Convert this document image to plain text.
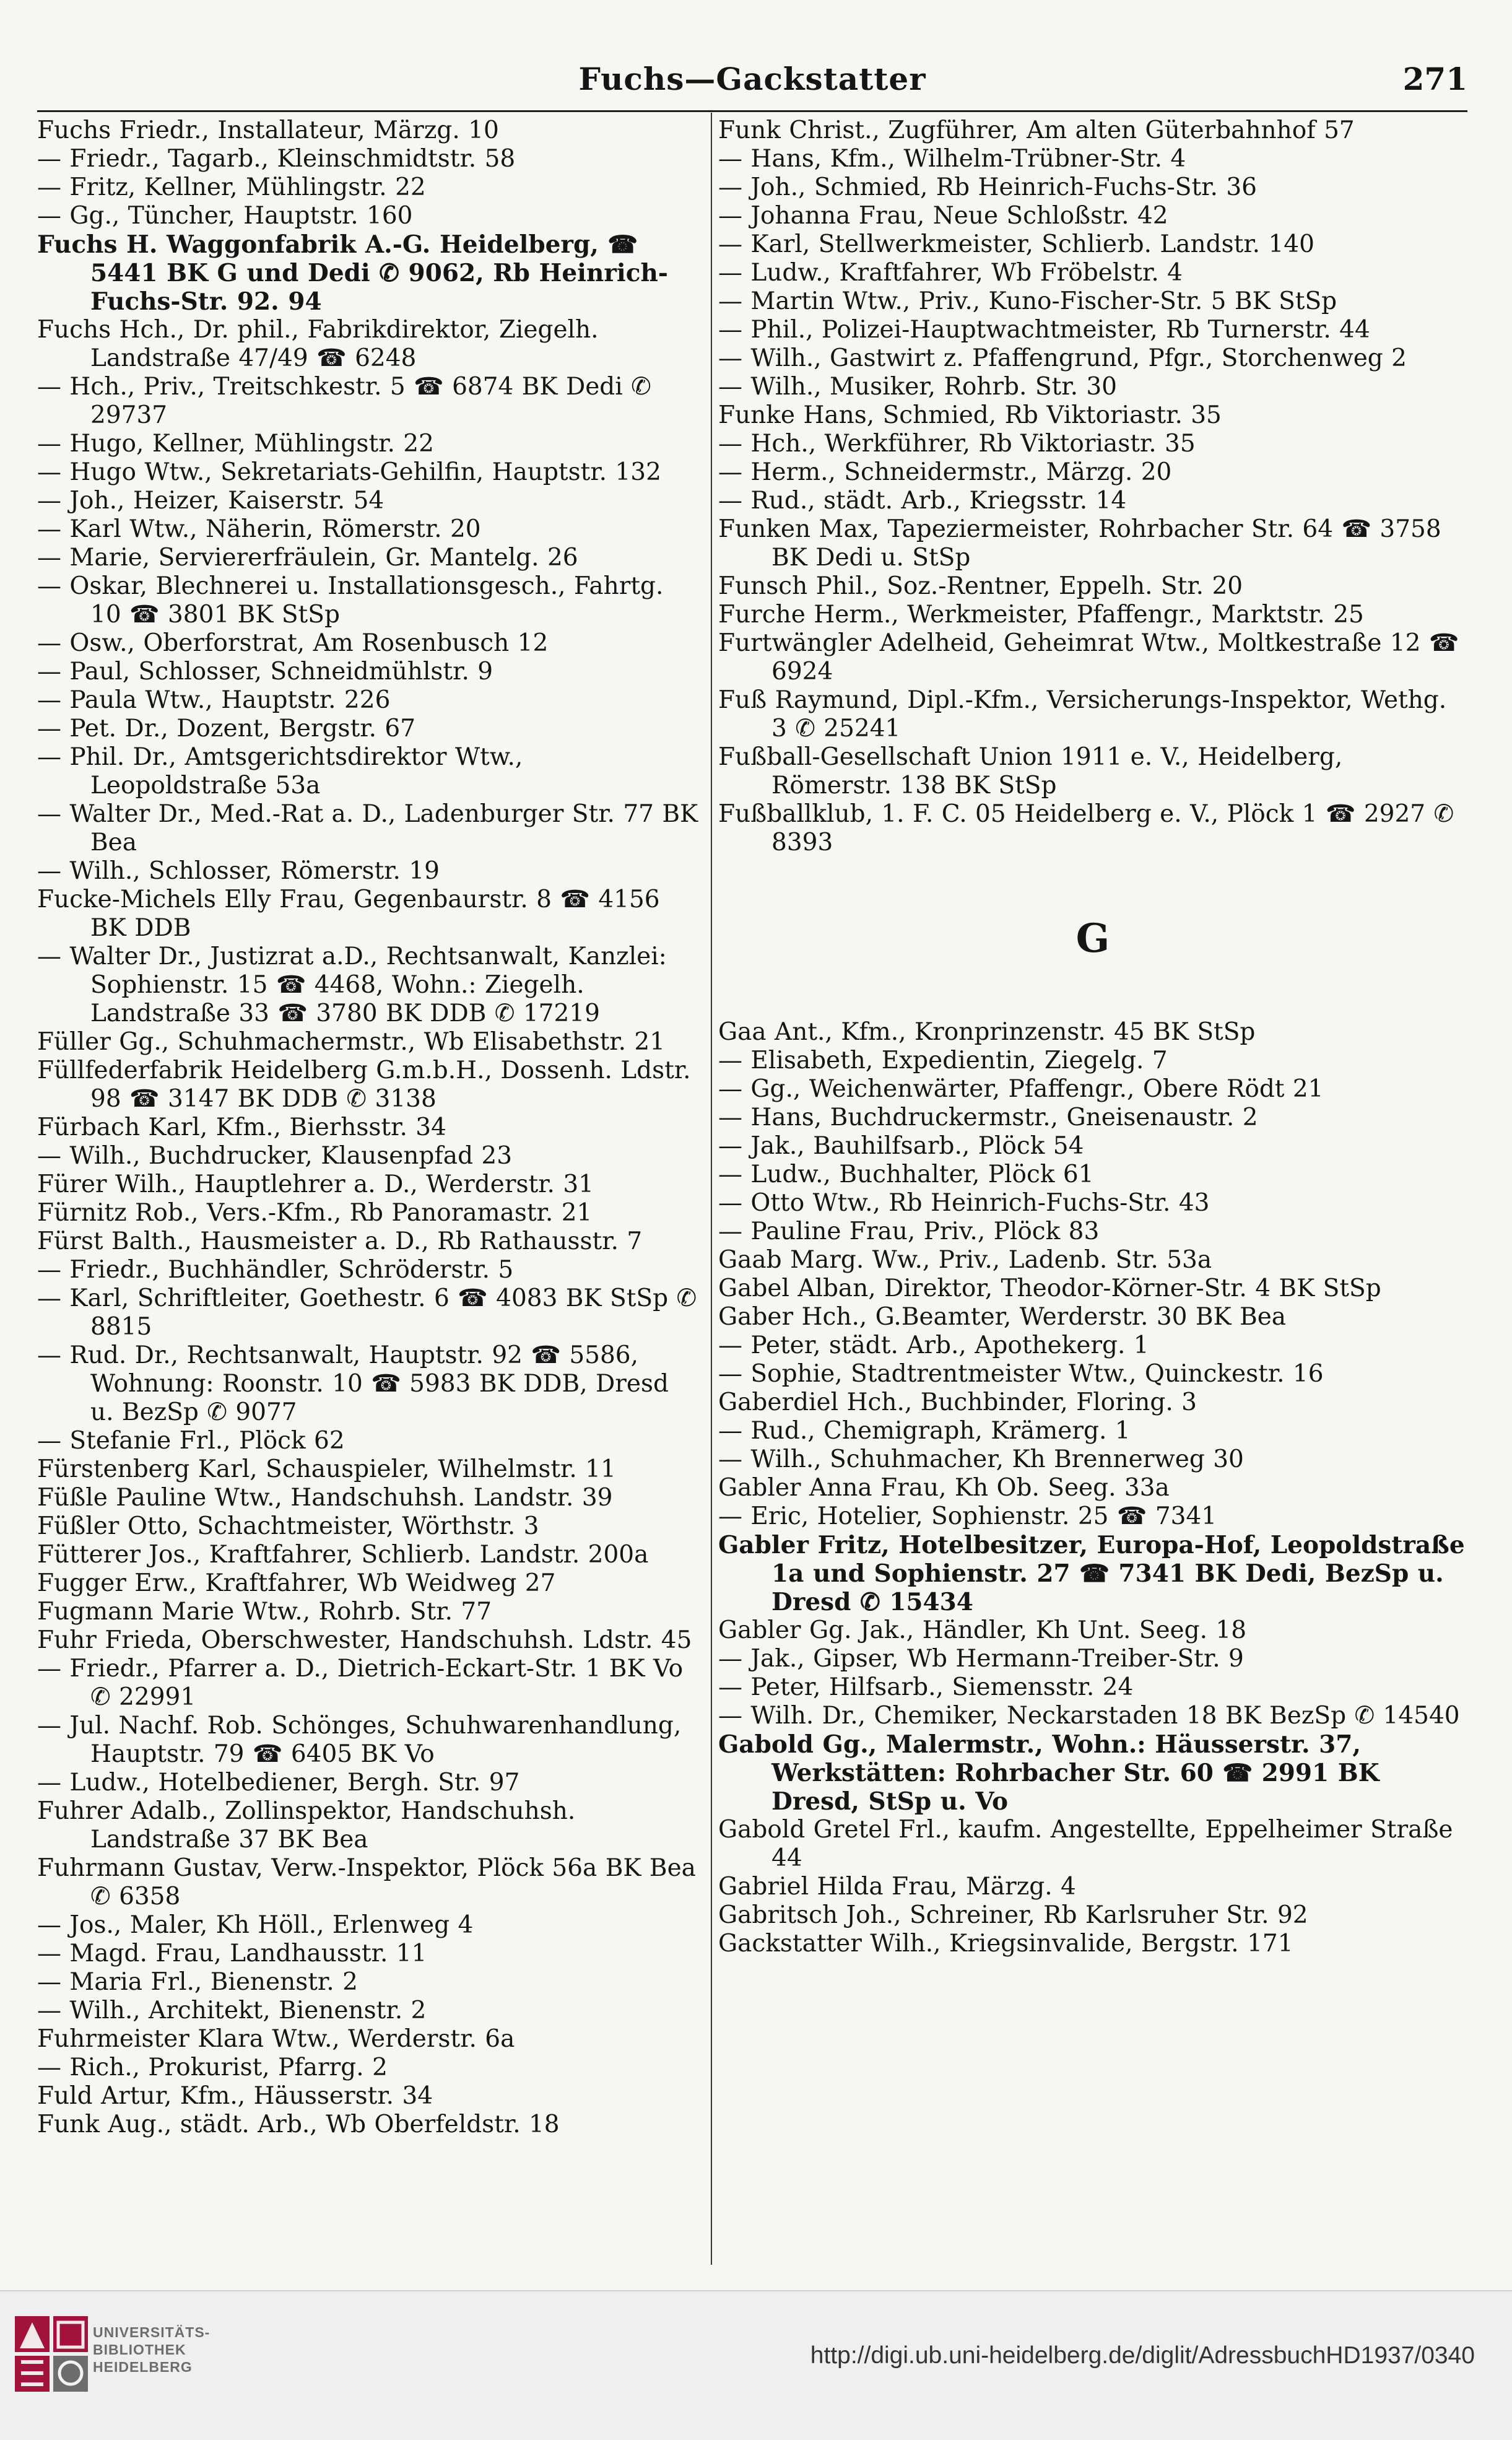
Fuchs—Gackstatter	271
Fuchs Friedr., Installateur, Märzg. 10
— Friedr., Tagarb., Kleinschmidtstr. 58
— Fritz, Kellner, Mühlingstr. 22
— Gg., Tüncher, Hauptstr. 160
Fuchs H. Waggonfabrik A.-G. Heidelberg, ☎ 5441 BK G und Dedi ✆ 9062, Rb Heinrich-Fuchs-Str. 92. 94
Fuchs Hch., Dr. phil., Fabrikdirektor, Ziegelh. Landstraße 47/49 ☎ 6248
— Hch., Priv., Treitschkestr. 5 ☎ 6874 BK Dedi ✆ 29737
— Hugo, Kellner, Mühlingstr. 22
— Hugo Wtw., Sekretariats-Gehilfin, Hauptstr. 132
— Joh., Heizer, Kaiserstr. 54
— Karl Wtw., Näherin, Römerstr. 20
— Marie, Serviererfräulein, Gr. Mantelg. 26
— Oskar, Blechnerei u. Installationsgesch., Fahrtg. 10 ☎ 3801 BK StSp
— Osw., Oberforstrat, Am Rosenbusch 12
— Paul, Schlosser, Schneidmühlstr. 9
— Paula Wtw., Hauptstr. 226
— Pet. Dr., Dozent, Bergstr. 67
— Phil. Dr., Amtsgerichtsdirektor Wtw., Leopoldstraße 53a
— Walter Dr., Med.-Rat a. D., Ladenburger Str. 77 BK Bea
— Wilh., Schlosser, Römerstr. 19
Fucke-Michels Elly Frau, Gegenbaurstr. 8 ☎ 4156 BK DDB
— Walter Dr., Justizrat a.D., Rechtsanwalt, Kanzlei: Sophienstr. 15 ☎ 4468, Wohn.: Ziegelh. Landstraße 33 ☎ 3780 BK DDB ✆ 17219
Füller Gg., Schuhmachermstr., Wb Elisabethstr. 21
Füllfederfabrik Heidelberg G.m.b.H., Dossenh. Ldstr. 98 ☎ 3147 BK DDB ✆ 3138
Fürbach Karl, Kfm., Bierhsstr. 34
— Wilh., Buchdrucker, Klausenpfad 23
Fürer Wilh., Hauptlehrer a. D., Werderstr. 31
Fürnitz Rob., Vers.-Kfm., Rb Panoramastr. 21
Fürst Balth., Hausmeister a. D., Rb Rathausstr. 7
— Friedr., Buchhändler, Schröderstr. 5
— Karl, Schriftleiter, Goethestr. 6 ☎ 4083 BK StSp ✆ 8815
— Rud. Dr., Rechtsanwalt, Hauptstr. 92 ☎ 5586, Wohnung: Roonstr. 10 ☎ 5983 BK DDB, Dresd u. BezSp ✆ 9077
— Stefanie Frl., Plöck 62
Fürstenberg Karl, Schauspieler, Wilhelmstr. 11
Füßle Pauline Wtw., Handschuhsh. Landstr. 39
Füßler Otto, Schachtmeister, Wörthstr. 3
Fütterer Jos., Kraftfahrer, Schlierb. Landstr. 200a
Fugger Erw., Kraftfahrer, Wb Weidweg 27
Fugmann Marie Wtw., Rohrb. Str. 77
Fuhr Frieda, Oberschwester, Handschuhsh. Ldstr. 45
— Friedr., Pfarrer a. D., Dietrich-Eckart-Str. 1 BK Vo ✆ 22991
— Jul. Nachf. Rob. Schönges, Schuhwarenhandlung, Hauptstr. 79 ☎ 6405 BK Vo
— Ludw., Hotelbediener, Bergh. Str. 97
Fuhrer Adalb., Zollinspektor, Handschuhsh. Landstraße 37 BK Bea
Fuhrmann Gustav, Verw.-Inspektor, Plöck 56a BK Bea ✆ 6358
— Jos., Maler, Kh Höll., Erlenweg 4
— Magd. Frau, Landhausstr. 11
— Maria Frl., Bienenstr. 2
— Wilh., Architekt, Bienenstr. 2
Fuhrmeister Klara Wtw., Werderstr. 6a
— Rich., Prokurist, Pfarrg. 2
Fuld Artur, Kfm., Häusserstr. 34
Funk Aug., städt. Arb., Wb Oberfeldstr. 18
Funk Christ., Zugführer, Am alten Güterbahnhof 57
— Hans, Kfm., Wilhelm-Trübner-Str. 4
— Joh., Schmied, Rb Heinrich-Fuchs-Str. 36
— Johanna Frau, Neue Schloßstr. 42
— Karl, Stellwerkmeister, Schlierb. Landstr. 140
— Ludw., Kraftfahrer, Wb Fröbelstr. 4
— Martin Wtw., Priv., Kuno-Fischer-Str. 5 BK StSp
— Phil., Polizei-Hauptwachtmeister, Rb Turnerstr. 44
— Wilh., Gastwirt z. Pfaffengrund, Pfgr., Storchenweg 2
— Wilh., Musiker, Rohrb. Str. 30
Funke Hans, Schmied, Rb Viktoriastr. 35
— Hch., Werkführer, Rb Viktoriastr. 35
— Herm., Schneidermstr., Märzg. 20
— Rud., städt. Arb., Kriegsstr. 14
Funken Max, Tapeziermeister, Rohrbacher Str. 64 ☎ 3758 BK Dedi u. StSp
Funsch Phil., Soz.-Rentner, Eppelh. Str. 20
Furche Herm., Werkmeister, Pfaffengr., Marktstr. 25
Furtwängler Adelheid, Geheimrat Wtw., Moltkestraße 12 ☎ 6924
Fuß Raymund, Dipl.-Kfm., Versicherungs-Inspektor, Wethg. 3 ✆ 25241
Fußball-Gesellschaft Union 1911 e. V., Heidelberg, Römerstr. 138 BK StSp
Fußballklub, 1. F. C. 05 Heidelberg e. V., Plöck 1 ☎ 2927 ✆ 8393
G
Gaa Ant., Kfm., Kronprinzenstr. 45 BK StSp
— Elisabeth, Expedientin, Ziegelg. 7
— Gg., Weichenwärter, Pfaffengr., Obere Rödt 21
— Hans, Buchdruckermstr., Gneisenaustr. 2
— Jak., Bauhilfsarb., Plöck 54
— Ludw., Buchhalter, Plöck 61
— Otto Wtw., Rb Heinrich-Fuchs-Str. 43
— Pauline Frau, Priv., Plöck 83
Gaab Marg. Ww., Priv., Ladenb. Str. 53a
Gabel Alban, Direktor, Theodor-Körner-Str. 4 BK StSp
Gaber Hch., G.Beamter, Werderstr. 30 BK Bea
— Peter, städt. Arb., Apothekerg. 1
— Sophie, Stadtrentmeister Wtw., Quinckestr. 16
Gaberdiel Hch., Buchbinder, Floring. 3
— Rud., Chemigraph, Krämerg. 1
— Wilh., Schuhmacher, Kh Brennerweg 30
Gabler Anna Frau, Kh Ob. Seeg. 33a
— Eric, Hotelier, Sophienstr. 25 ☎ 7341
Gabler Fritz, Hotelbesitzer, Europa-Hof, Leopoldstraße 1a und Sophienstr. 27 ☎ 7341 BK Dedi, BezSp u. Dresd ✆ 15434
Gabler Gg. Jak., Händler, Kh Unt. Seeg. 18
— Jak., Gipser, Wb Hermann-Treiber-Str. 9
— Peter, Hilfsarb., Siemensstr. 24
— Wilh. Dr., Chemiker, Neckarstaden 18 BK BezSp ✆ 14540
Gabold Gg., Malermstr., Wohn.: Häusserstr. 37, Werkstätten: Rohrbacher Str. 60 ☎ 2991 BK Dresd, StSp u. Vo
Gabold Gretel Frl., kaufm. Angestellte, Eppelheimer Straße 44
Gabriel Hilda Frau, Märzg. 4
Gabritsch Joh., Schreiner, Rb Karlsruher Str. 92
Gackstatter Wilh., Kriegsinvalide, Bergstr. 171
UNIVERSITÄTS-
BIBLIOTHEK
HEIDELBERG	http://digi.ub.uni-heidelberg.de/diglit/AdressbuchHD1937/0340
